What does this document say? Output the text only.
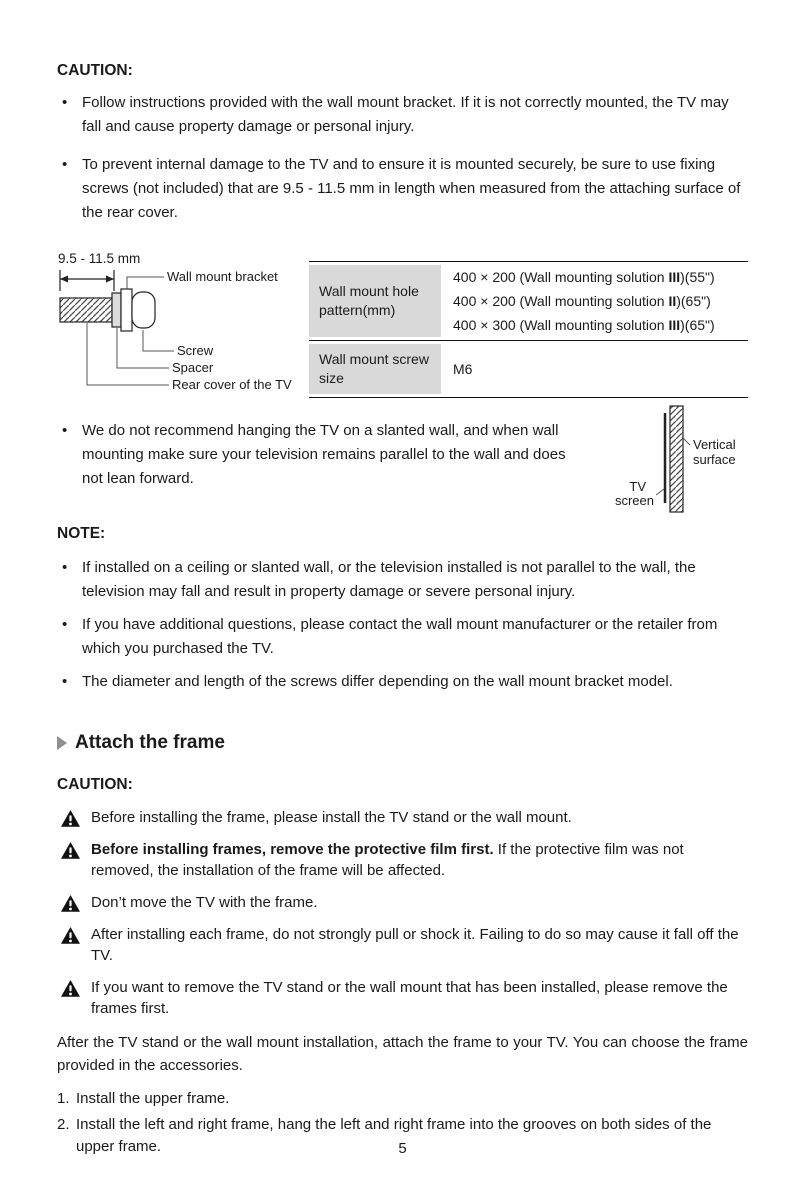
CAUTION:
•
Follow instructions provided with the wall mount bracket. If it is not correctly mounted, the TV may fall and cause property damage or personal injury.
•
To prevent internal damage to the TV and to ensure it is mounted securely, be sure to use fixing screws (not included) that are 9.5 - 11.5 mm in length when measured from the attaching surface of the rear cover.
9.5 - 11.5 mm
Wall mount bracket
Screw
Spacer
Rear cover of the TV
Wall mount hole pattern(mm)
400 × 200 (Wall mounting solution III)(55")
400 × 200 (Wall mounting solution II)(65")
400 × 300 (Wall mounting solution III)(65")
Wall mount screw size
M6
•
We do not recommend hanging the TV on a slanted wall, and when wall mounting make sure your television remains parallel to the wall and does not lean forward.
Vertical
surface
TV
screen
NOTE:
•
If installed on a ceiling or slanted wall, or the television installed is not parallel to the wall, the television may fall and result in property damage or severe personal injury.
•
If you have additional questions, please contact the wall mount manufacturer or the retailer from which you purchased the TV.
•
The diameter and length of the screws differ depending on the wall mount bracket model.
Attach the frame
CAUTION:
Before installing the frame, please install the TV stand or the wall mount.
Before installing frames, remove the protective film first. If the protective film was not removed, the installation of the frame will be affected.
Don’t move the TV with the frame.
After installing each frame, do not strongly pull or shock it. Failing to do so may cause it fall off the TV.
If you want to remove the TV stand or the wall mount that has been installed, please remove the frames first.
After the TV stand or the wall mount installation, attach the frame to your TV. You can choose the frame provided in the accessories.
1. Install the upper frame.
2. Install the left and right frame, hang the left and right frame into the grooves on both sides of the upper frame.	5
